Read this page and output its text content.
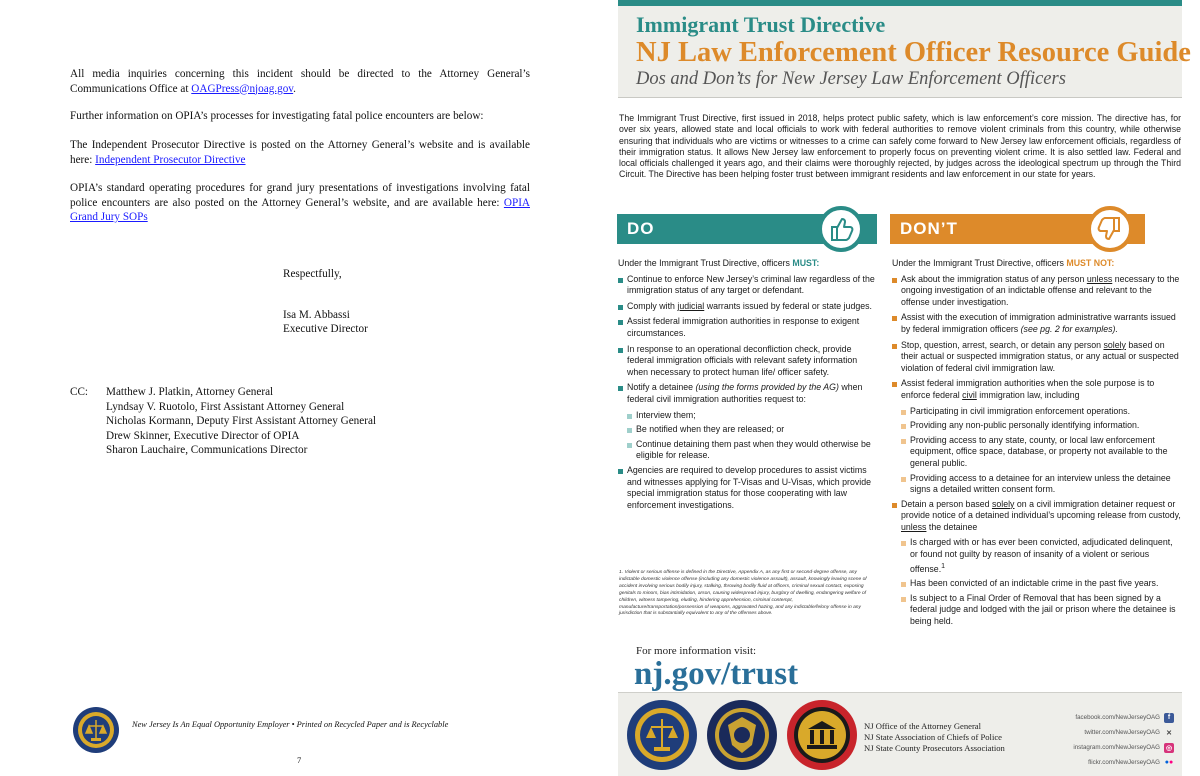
All media inquiries concerning this incident should be directed to the Attorney General’s Communications Office at OAGPress@njoag.gov.

Further information on OPIA’s processes for investigating fatal police encounters are below:

The Independent Prosecutor Directive is posted on the Attorney General’s website and is available here: Independent Prosecutor Directive

OPIA’s standard operating procedures for grand jury presentations of investigations involving fatal police encounters are also posted on the Attorney General’s website, and are available here: OPIA Grand Jury SOPs

Respectfully,
Isa M. Abbassi
Executive Director
CC: Matthew J. Platkin, Attorney General
Lyndsay V. Ruotolo, First Assistant Attorney General
Nicholas Kormann, Deputy First Assistant Attorney General
Drew Skinner, Executive Director of OPIA
Sharon Lauchaire, Communications Director
New Jersey Is An Equal Opportunity Employer • Printed on Recycled Paper and is Recyclable
7
Immigrant Trust Directive
NJ Law Enforcement Officer Resource Guide
Dos and Don’ts for New Jersey Law Enforcement Officers
The Immigrant Trust Directive, first issued in 2018, helps protect public safety, which is law enforcement’s core mission. The directive has, for over six years, allowed state and local officials to work with federal authorities to remove violent criminals from this country, while otherwise ensuring that individuals who are victims or witnesses to a crime can safely come forward to New Jersey law enforcement officials, regardless of their immigration status. It allows New Jersey law enforcement to properly focus on preventing violent crime. It is also settled law. Federal and local officials challenged it years ago, and their claims were thoroughly rejected, by judges across the ideological spectrum up through the Third Circuit. The Directive has been helping foster trust between immigrant residents and law enforcement in our state for years.
DO	DON’T
Under the Immigrant Trust Directive, officers MUST:
Continue to enforce New Jersey’s criminal law regardless of the immigration status of any target or defendant.
Comply with judicial warrants issued by federal or state judges.
Assist federal immigration authorities in response to exigent circumstances.
In response to an operational deconfliction check, provide federal immigration officials with relevant safety information when necessary to protect human life/ officer safety.
Notify a detainee (using the forms provided by the AG) when federal civil immigration authorities request to:
Interview them;
Be notified when they are released; or
Continue detaining them past when they would otherwise be eligible for release.
Agencies are required to develop procedures to assist victims and witnesses applying for T-Visas and U-Visas, which provide special immigration status for those cooperating with law enforcement investigations.
Under the Immigrant Trust Directive, officers MUST NOT:
Ask about the immigration status of any person unless necessary to the ongoing investigation of an indictable offense and relevant to the offense under investigation.
Assist with the execution of immigration administrative warrants issued by federal immigration officers (see pg. 2 for examples).
Stop, question, arrest, search, or detain any person solely based on their actual or suspected immigration status, or any actual or suspected violation of federal civil immigration law.
Assist federal immigration authorities when the sole purpose is to enforce federal civil immigration law, including
Participating in civil immigration enforcement operations.
Providing any non-public personally identifying information.
Providing access to any state, county, or local law enforcement equipment, office space, database, or property not available to the general public.
Providing access to a detainee for an interview unless the detainee signs a detailed written consent form.
Detain a person based solely on a civil immigration detainer request or provide notice of a detained individual’s upcoming release from custody, unless the detainee
Is charged with or has ever been convicted, adjudicated delinquent, or found not guilty by reason of insanity of a violent or serious offense.$^1$
Has been convicted of an indictable crime in the past five years.
Is subject to a Final Order of Removal that has been signed by a federal judge and lodged with the jail or prison where the detainee is being held.
1. Violent or serious offense is defined in the Directive, Appendix A, as any first or second-degree offense, any indictable domestic violence offense (including any domestic violence assault), assault, knowingly leaving scene of accident involving serious bodily injury, stalking, throwing bodily fluid at officers, criminal sexual contact, exposing genitals to minors, bias intimidation, arson, causing widespread injury, burglary of dwelling, endangering welfare of children, witness tampering, eluding, hindering apprehension, criminal contempt, manufacture/transportation/possession of weapons, aggravated hazing, and any indictable/felony offense in any jurisdiction that is substantially equivalent to any of the offenses above.
For more information visit:
nj.gov/trust
NJ Office of the Attorney General
NJ State Association of Chiefs of Police
NJ State County Prosecutors Association
facebook.com/NewJerseyOAG	f
twitter.com/NewJerseyOAG ✕
instagram.com/NewJerseyOAG ◎
flickr.com/NewJerseyOAG ● ●
